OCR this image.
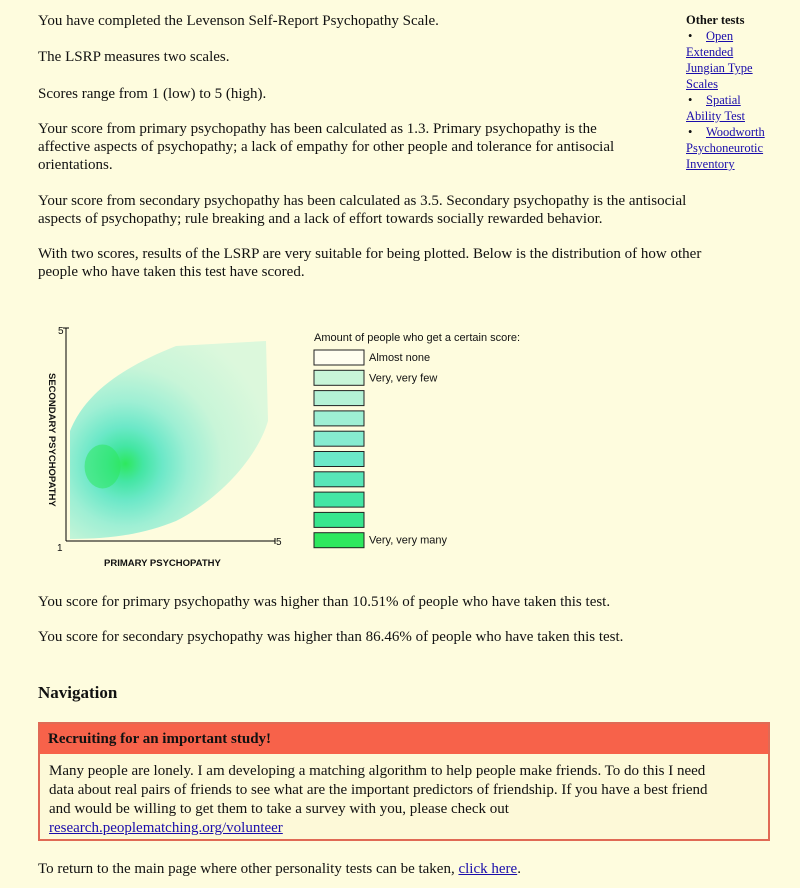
You have completed the Levenson Self-Report Psychopathy Scale.

The LSRP measures two scales.

Scores range from 1 (low) to 5 (high).

Your score from primary psychopathy has been calculated as 1.3. Primary psychopathy is the

affective aspects of psychopathy; a lack of empathy for other people and tolerance for antisocial

orientations.

Your score from secondary psychopathy has been calculated as 3.5. Secondary psychopathy is the antisocial

aspects of psychopathy; rule breaking and a lack of effort towards socially rewarded behavior.

With two scores, results of the LSRP are very suitable for being plotted. Below is the distribution of how other

people who have taken this test have scored.

You score for primary psychopathy was higher than 10.51% of people who have taken this test.

You score for secondary psychopathy was higher than 86.46% of people who have taken this test.

Other tests
• Open
Extended
Jungian Type
Scales
• Spatial
Ability Test
• Woodworth
Psychoneurotic
Inventory
5
1
5
PRIMARY PSYCHOPATHY
SECONDARY PSYCHOPATHY
Amount of people who get a certain score:
Almost none
Very, very few
Very, very many
Navigation
Recruiting for an important study!
Many people are lonely. I am developing a matching algorithm to help people make friends. To do this I need
data about real pairs of friends to see what are the important predictors of friendship. If you have a best friend
and would be willing to get them to take a survey with you, please check out
research.peoplematching.org/volunteer

To return to the main page where other personality tests can be taken, click here.
